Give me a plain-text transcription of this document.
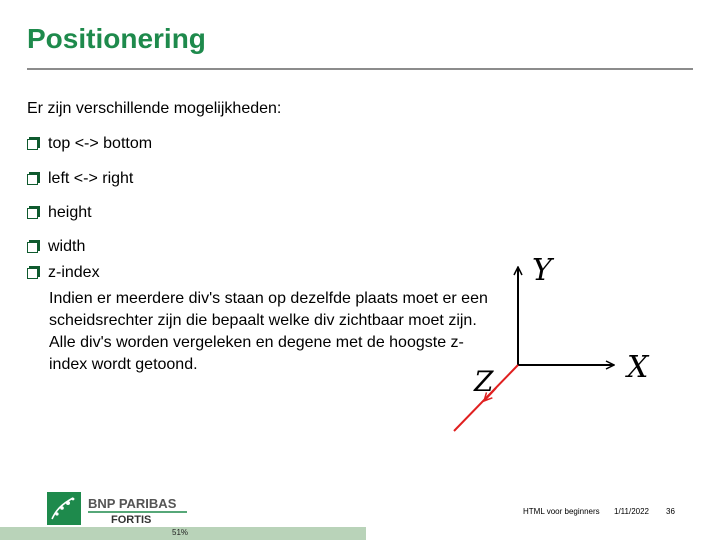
Positionering
Er zijn verschillende mogelijkheden:
top <-> bottom
left <-> right
height
width
z-index
Indien er meerdere div's staan op dezelfde plaats moet er een scheidsrechter zijn die bepaalt welke div zichtbaar moet zijn. Alle div's worden vergeleken en degene met de hoogste z-index wordt getoond.
Y
X
Z
BNP PARIBAS
FORTIS
HTML voor beginners 1/11/2022 36
51%
